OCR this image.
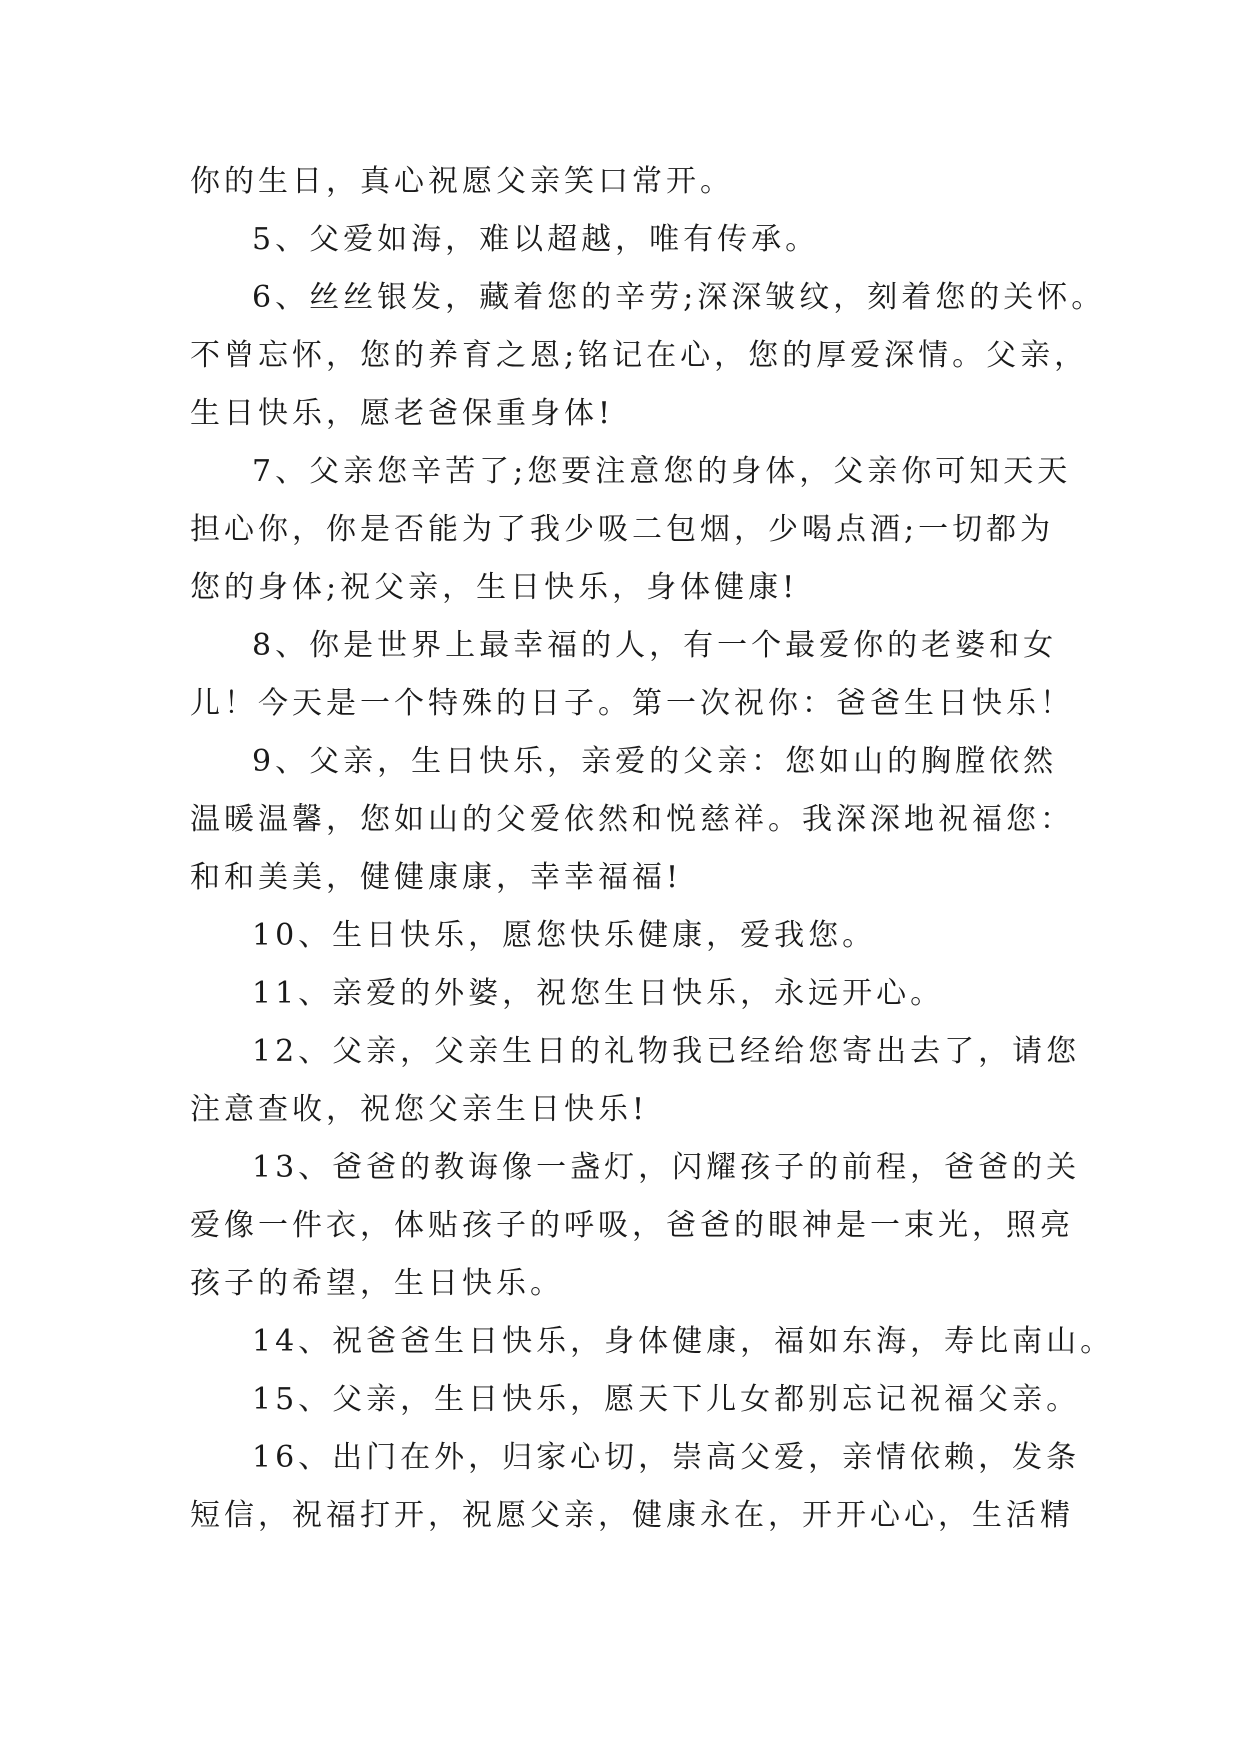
你的生日，真心祝愿父亲笑口常开。
5、父爱如海，难以超越，唯有传承。
6、丝丝银发，藏着您的辛劳;深深皱纹，刻着您的关怀。
不曾忘怀，您的养育之恩;铭记在心，您的厚爱深情。父亲，
生日快乐，愿老爸保重身体!
7、父亲您辛苦了;您要注意您的身体，父亲你可知天天
担心你，你是否能为了我少吸二包烟，少喝点酒;一切都为
您的身体;祝父亲，生日快乐，身体健康!
8、你是世界上最幸福的人，有一个最爱你的老婆和女
儿！今天是一个特殊的日子。第一次祝你：爸爸生日快乐！
9、父亲，生日快乐，亲爱的父亲：您如山的胸膛依然
温暖温馨，您如山的父爱依然和悦慈祥。我深深地祝福您：
和和美美，健健康康，幸幸福福!
10、生日快乐，愿您快乐健康，爱我您。
11、亲爱的外婆，祝您生日快乐，永远开心。
12、父亲，父亲生日的礼物我已经给您寄出去了，请您
注意查收，祝您父亲生日快乐!
13、爸爸的教诲像一盏灯，闪耀孩子的前程，爸爸的关
爱像一件衣，体贴孩子的呼吸，爸爸的眼神是一束光，照亮
孩子的希望，生日快乐。
14、祝爸爸生日快乐，身体健康，福如东海，寿比南山。
15、父亲，生日快乐，愿天下儿女都别忘记祝福父亲。
16、出门在外，归家心切，崇高父爱，亲情依赖，发条
短信，祝福打开，祝愿父亲，健康永在，开开心心，生活精
